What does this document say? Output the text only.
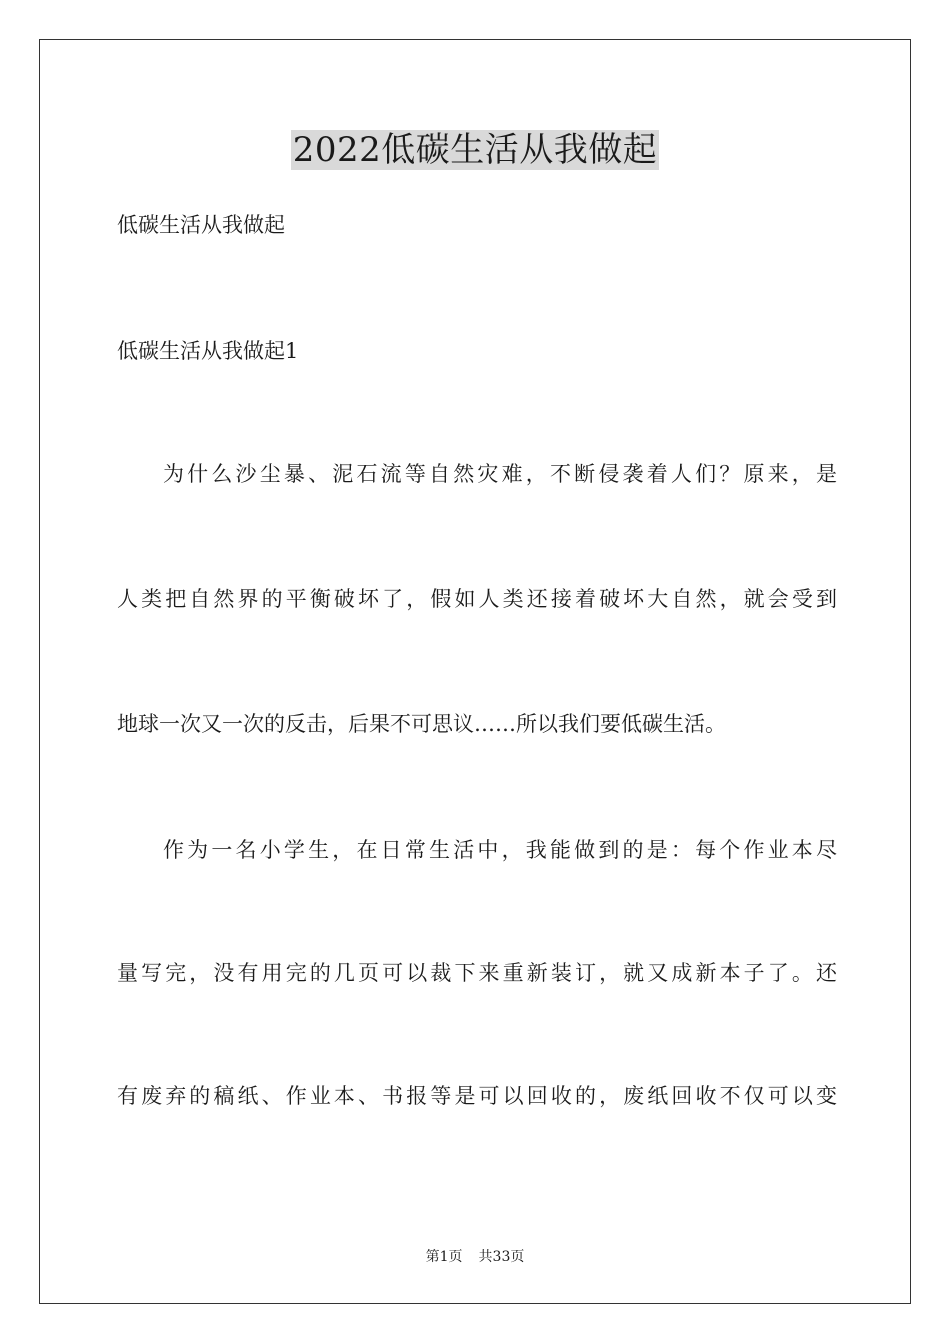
2022低碳生活从我做起
低碳生活从我做起
低碳生活从我做起1
为什么沙尘暴、泥石流等自然灾难，不断侵袭着人们？原来，是
人类把自然界的平衡破坏了，假如人类还接着破坏大自然，就会受到
地球一次又一次的反击，后果不可思议……所以我们要低碳生活。
作为一名小学生，在日常生活中，我能做到的是：每个作业本尽
量写完，没有用完的几页可以裁下来重新装订，就又成新本子了。还
有废弃的稿纸、作业本、书报等是可以回收的，废纸回收不仅可以变
第1页 共33页
